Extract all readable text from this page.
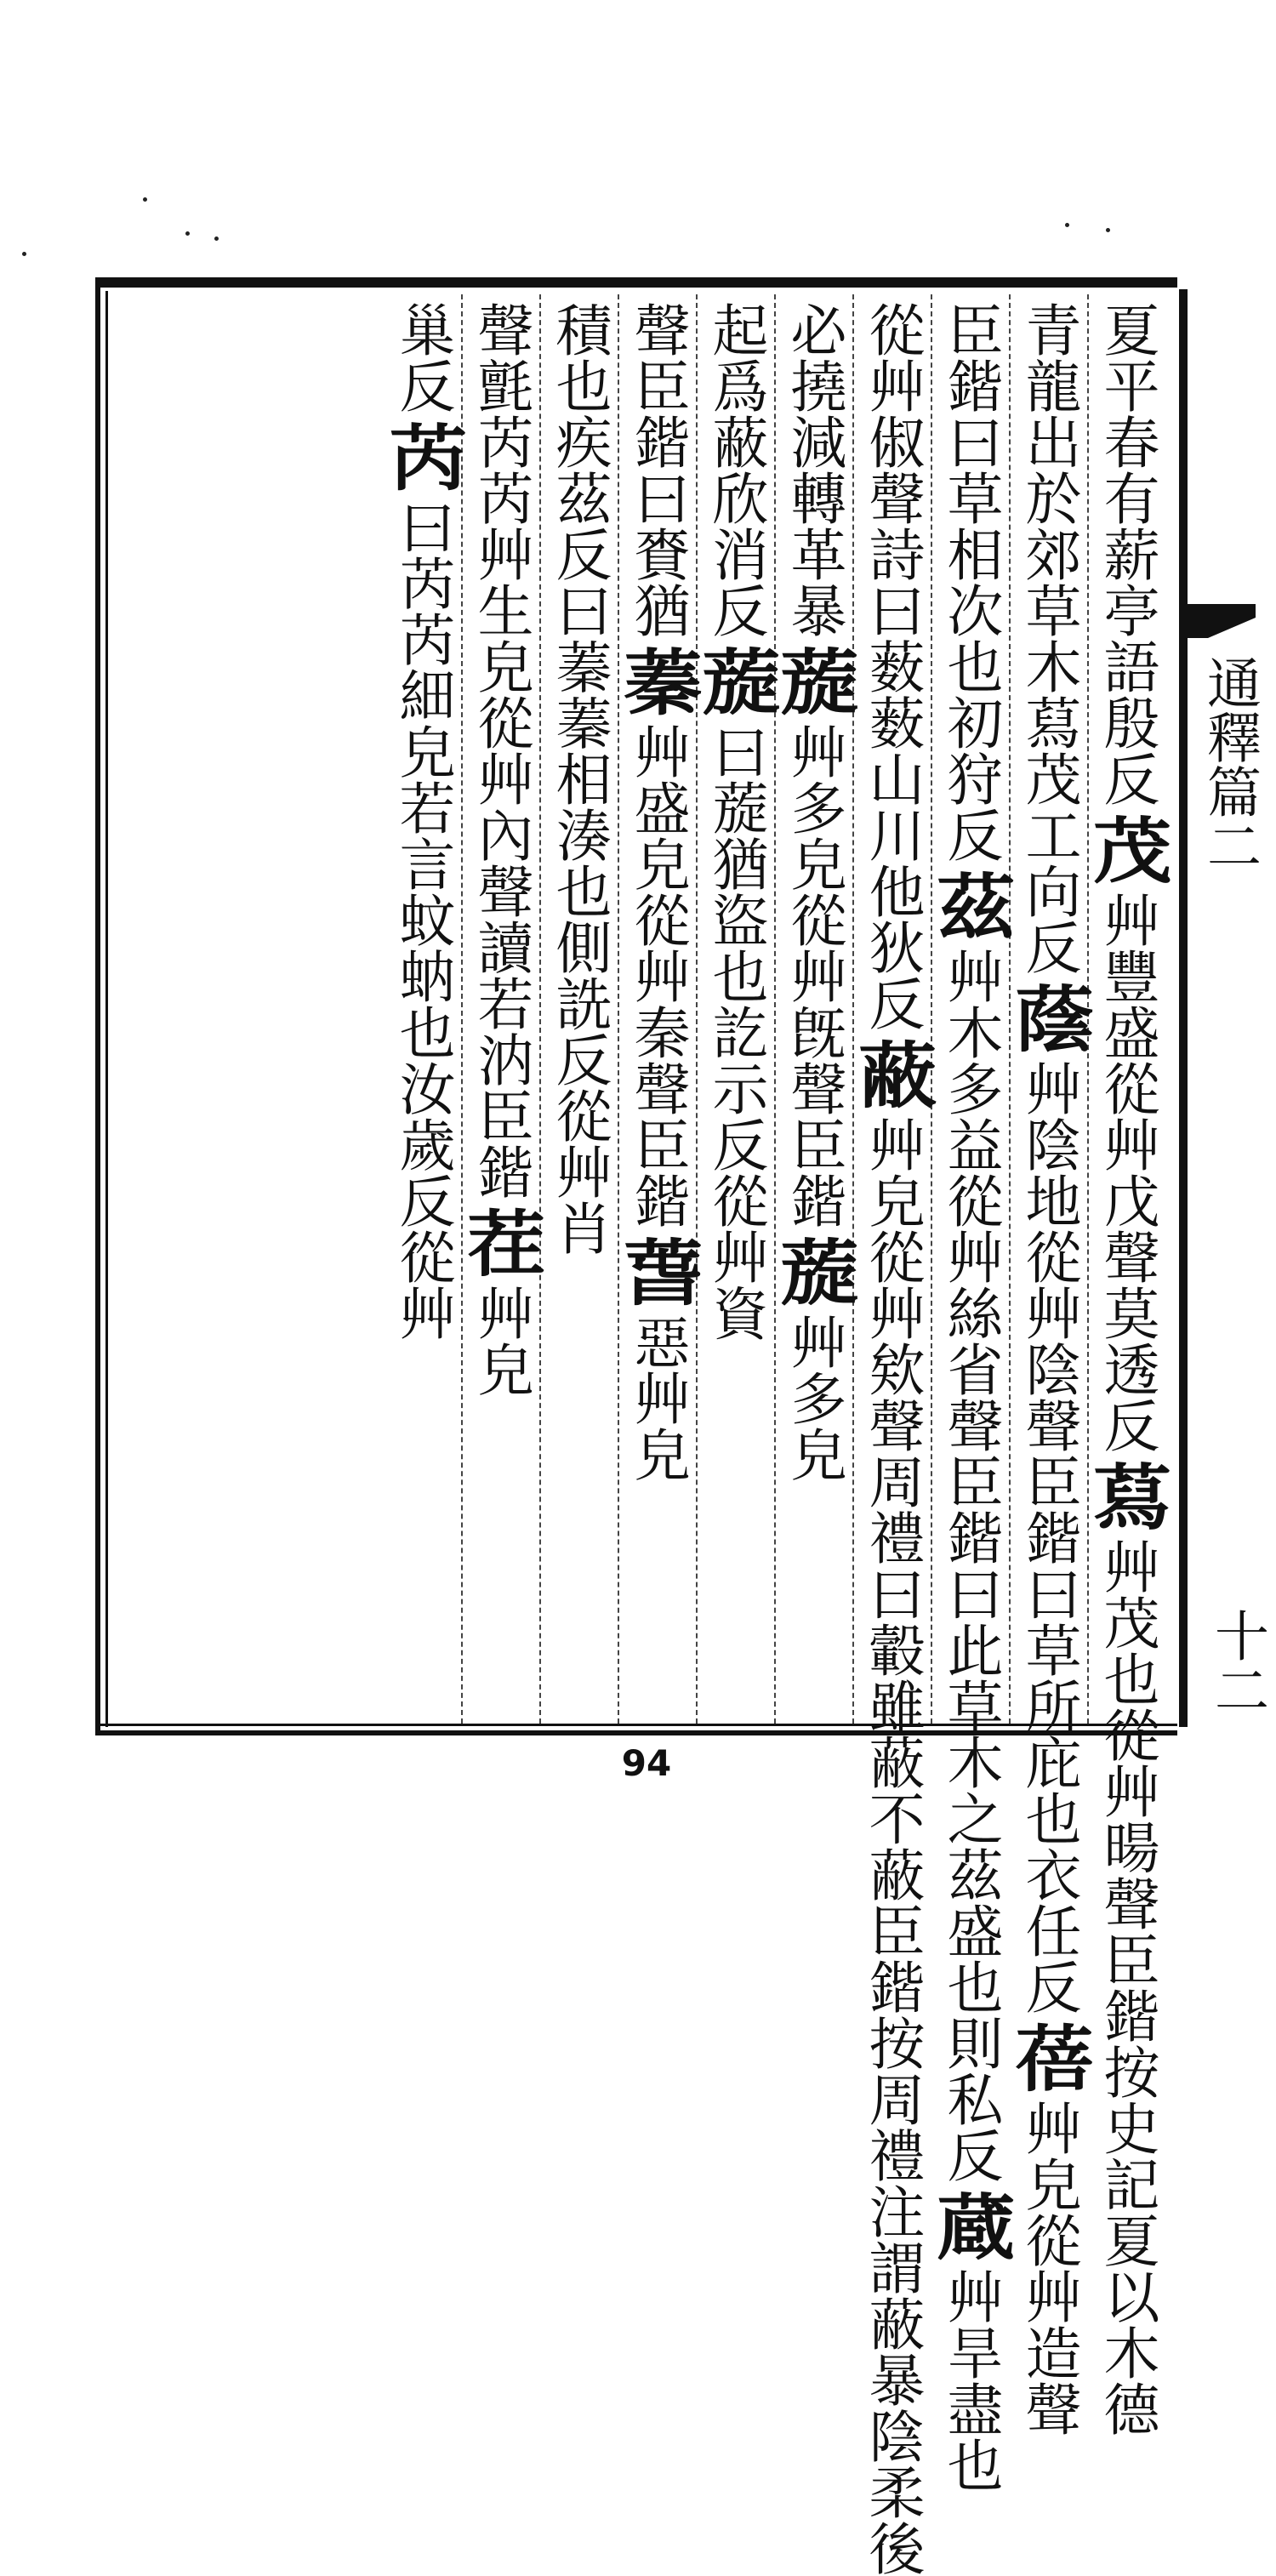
夏平春有薪亭語殷反茂艸豐盛從艸戊聲莫透反蕮艸茂也從艸暘聲臣鍇按史記夏以木德
青龍出於郊草木蕮茂工向反蔭艸陰地從艸陰聲臣鍇曰草所庇也衣任反蓓艸皃從艸造聲
臣鍇曰草相次也初狩反茲艸木多益從艸絲省聲臣鍇曰此草木之茲盛也則私反蔵艸旱盡也
從艸俶聲詩曰薮薮山川他狄反蔽艸皃從艸欸聲周禮曰轂雖蔽不蔽臣鍇按周禮注謂蔽暴陰柔後
必撓減轉革暴蔙艸多皃從艸旣聲臣鍇蔙艸多皃
起爲蔽欣消反蔙曰蔙猶盜也訖示反從艸資
聲臣鍇曰賚猶蓁艸盛皃從艸秦聲臣鍇萅惡艸皃
積也疾茲反曰蓁蓁相湊也側詵反從艸肖
聲氈芮芮艸生皃從艸內聲讀若汭臣鍇茬艸皃
巢反芮曰芮芮細皃若言蚊蚋也汝歲反從艸
通釋篇二
十二
94
